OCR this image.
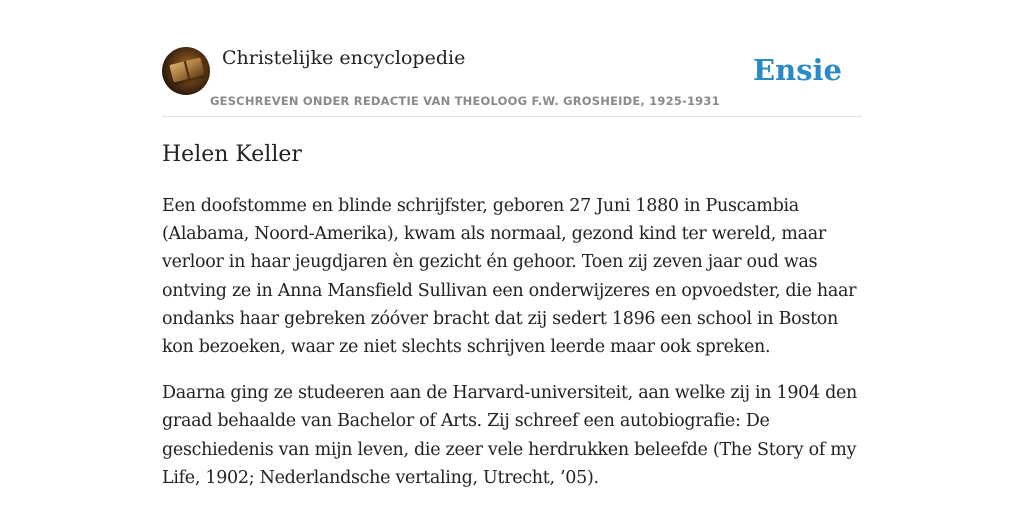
Christelijke encyclopedie
GESCHREVEN ONDER REDACTIE VAN THEOLOOG F.W. GROSHEIDE, 1925-1931
Ensie
Helen Keller

Een doofstomme en blinde schrijfster, geboren 27 Juni 1880 in Puscambia (Alabama, Noord-Amerika), kwam als normaal, gezond kind ter wereld, maar verloor in haar jeugdjaren èn gezicht én gehoor. Toen zij zeven jaar oud was ontving ze in Anna Mansfield Sullivan een onderwijzeres en opvoedster, die haar ondanks haar gebreken zóóver bracht dat zij sedert 1896 een school in Boston kon bezoeken, waar ze niet slechts schrijven leerde maar ook spreken.

Daarna ging ze studeeren aan de Harvard-universiteit, aan welke zij in 1904 den graad behaalde van Bachelor of Arts. Zij schreef een autobiografie: De geschiedenis van mijn leven, die zeer vele herdrukken beleefde (The Story of my Life, 1902; Nederlandsche vertaling, Utrecht, ’05).
